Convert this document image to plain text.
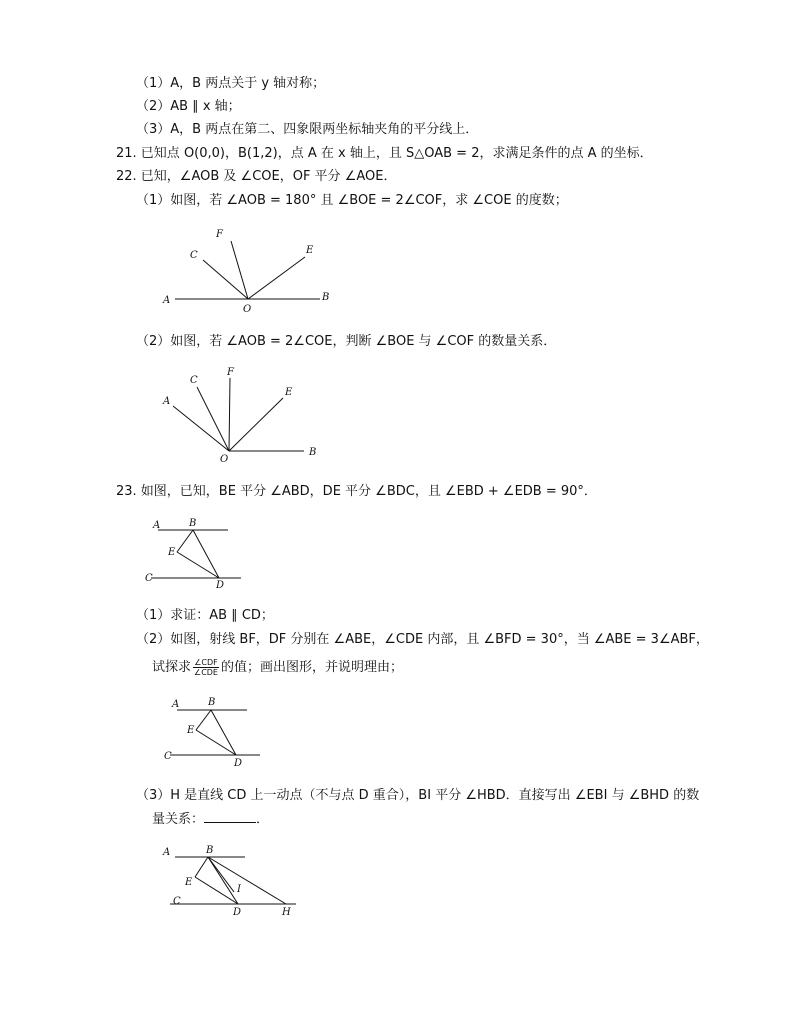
（1）A，B 两点关于 y 轴对称；
（2）AB ∥ x 轴；
（3）A，B 两点在第二、四象限两坐标轴夹角的平分线上．
21. 已知点 O(0,0)，B(1,2)，点 A 在 x 轴上，且 S△OAB = 2，求满足条件的点 A 的坐标．
22. 已知，∠AOB 及 ∠COE，OF 平分 ∠AOE．
（1）如图，若 ∠AOB = 180° 且 ∠BOE = 2∠COF，求 ∠COE 的度数；
A	B
C
F
E
O
（2）如图，若 ∠AOB = 2∠COE，判断 ∠BOE 与 ∠COF 的数量关系．
A
C
F
E
B
O
23. 如图，已知，BE 平分 ∠ABD，DE 平分 ∠BDC，且 ∠EBD + ∠EDB = 90°．
A	B
E
C
D
（1）求证：AB ∥ CD；
（2）如图，射线 BF，DF 分别在 ∠ABE，∠CDE 内部，且 ∠BFD = 30°，当 ∠ABE = 3∠ABF，
试探求 $\frac{\text{∠CDF}}{\text{∠CDE}}$ 的值；画出图形，并说明理由；
A	B
E
C
D
（3）H 是直线 CD 上一动点（不与点 D 重合），BI 平分 ∠HBD．直接写出 ∠EBI 与 ∠BHD 的数
量关系：	．
A	B
E
I
C
D	H
